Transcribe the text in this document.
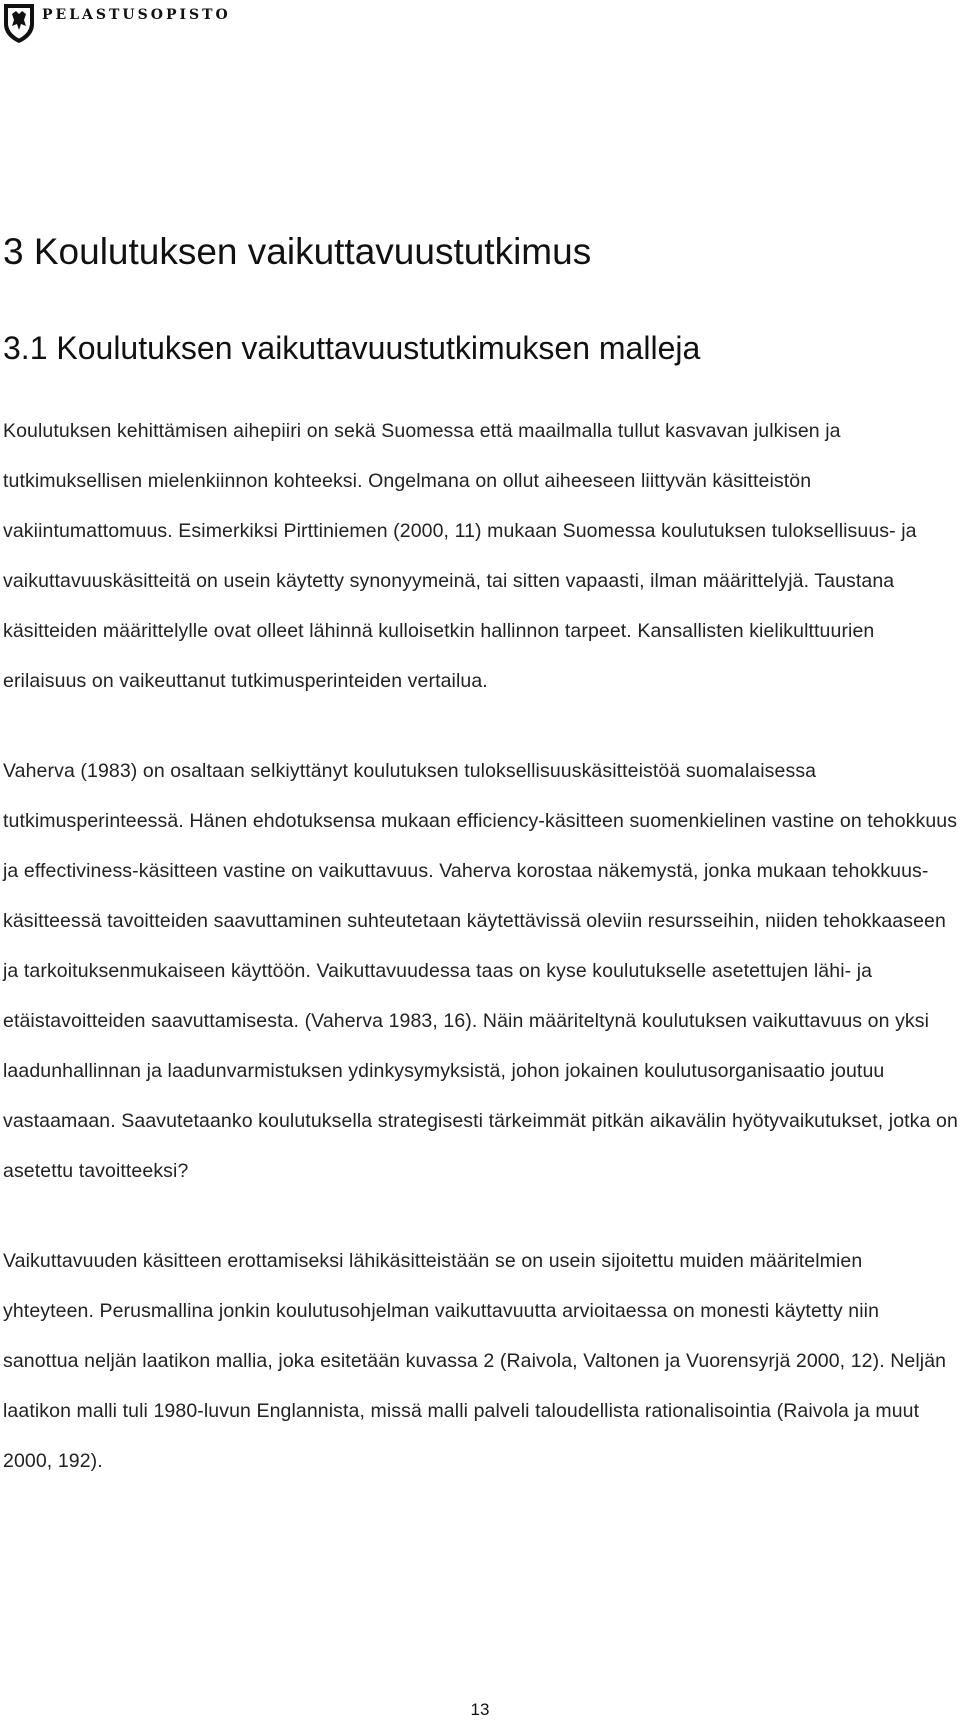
PELASTUSOPISTO
3 Koulutuksen vaikuttavuustutkimus
3.1 Koulutuksen vaikuttavuustutkimuksen malleja

Koulutuksen kehittämisen aihepiiri on sekä Suomessa että maailmalla tullut kasvavan julkisen ja tutkimuksellisen mielenkiinnon kohteeksi. Ongelmana on ollut aiheeseen liittyvän käsitteistön vakiintumattomuus. Esimerkiksi Pirttiniemen (2000, 11) mukaan Suomessa koulutuksen tuloksellisuus- ja vaikuttavuuskäsitteitä on usein käytetty synonyymeinä, tai sitten vapaasti, ilman määrittelyjä. Taustana käsitteiden määrittelylle ovat olleet lähinnä kulloisetkin hallinnon tarpeet. Kansallisten kielikulttuurien erilaisuus on vaikeuttanut tutkimusperinteiden vertailua.

Vaherva (1983) on osaltaan selkiyttänyt koulutuksen tuloksellisuuskäsitteistöä suomalaisessa tutkimusperinteessä. Hänen ehdotuksensa mukaan efficiency-käsitteen suomenkielinen vastine on tehokkuus ja effectiviness-käsitteen vastine on vaikuttavuus. Vaherva korostaa näkemystä, jonka mukaan tehokkuus-käsitteessä tavoitteiden saavuttaminen suhteutetaan käytettävissä oleviin resursseihin, niiden tehokkaaseen ja tarkoituksenmukaiseen käyttöön. Vaikuttavuudessa taas on kyse koulutukselle asetettujen lähi- ja etäistavoitteiden saavuttamisesta. (Vaherva 1983, 16). Näin määriteltynä koulutuksen vaikuttavuus on yksi laadunhallinnan ja laadunvarmistuksen ydinkysymyksistä, johon jokainen koulutusorganisaatio joutuu vastaamaan. Saavutetaanko koulutuksella strategisesti tärkeimmät pitkän aikavälin hyötyvaikutukset, jotka on asetettu tavoitteeksi?

Vaikuttavuuden käsitteen erottamiseksi lähikäsitteistään se on usein sijoitettu muiden määritelmien yhteyteen. Perusmallina jonkin koulutusohjelman vaikuttavuutta arvioitaessa on monesti käytetty niin sanottua neljän laatikon mallia, joka esitetään kuvassa 2 (Raivola, Valtonen ja Vuorensyrjä 2000, 12). Neljän laatikon malli tuli 1980-luvun Englannista, missä malli palveli taloudellista rationalisointia (Raivola ja muut 2000, 192).

13
